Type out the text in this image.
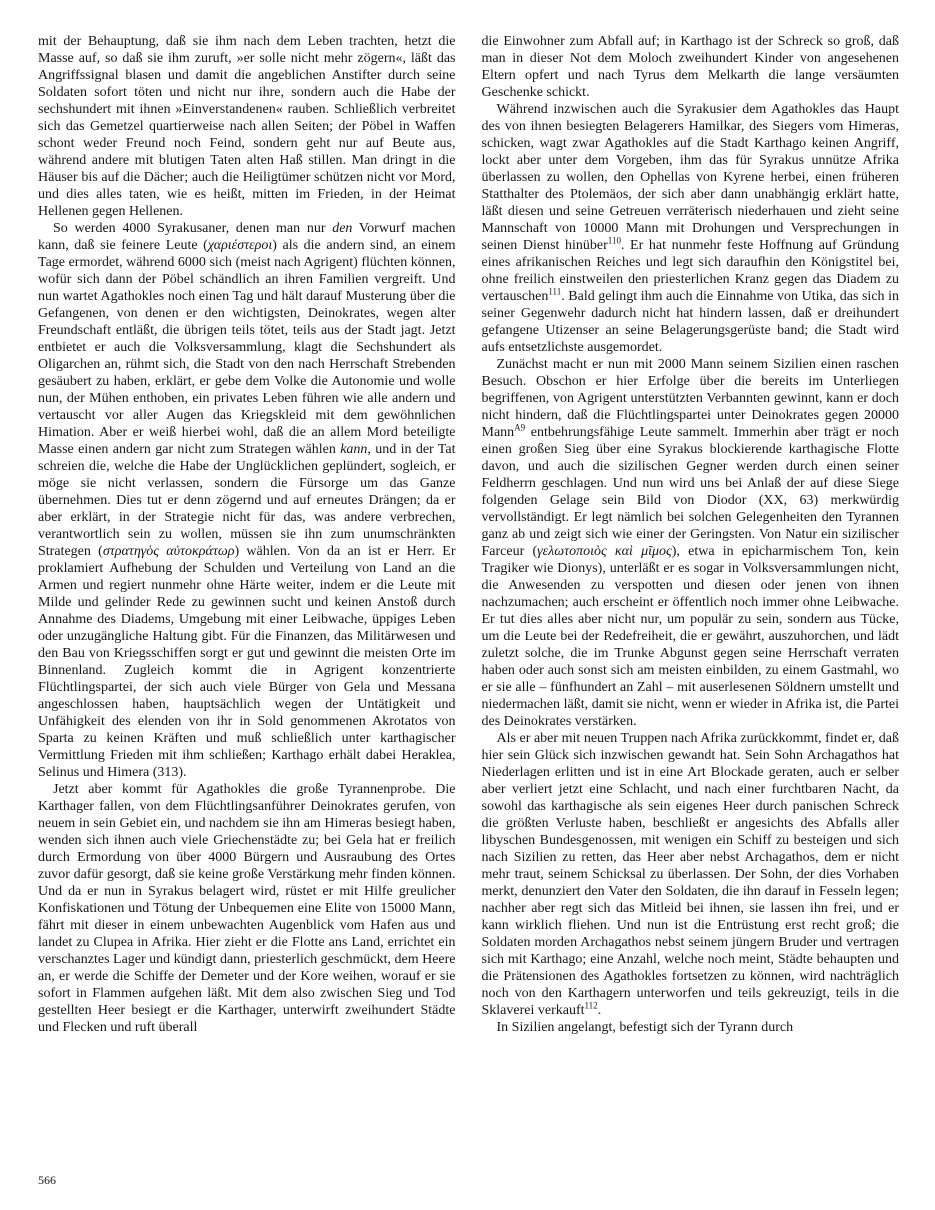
mit der Behauptung, daß sie ihm nach dem Leben trachten, hetzt die Masse auf, so daß sie ihm zuruft, »er solle nicht mehr zögern«, läßt das Angriffssignal blasen und damit die angeblichen Anstifter durch seine Soldaten sofort töten und nicht nur ihre, sondern auch die Habe der sechshundert mit ihnen »Einverstandenen« rauben. Schließlich verbreitet sich das Gemetzel quartierweise nach allen Seiten; der Pöbel in Waffen schont weder Freund noch Feind, sondern geht nur auf Beute aus, während andere mit blutigen Taten alten Haß stillen. Man dringt in die Häuser bis auf die Dächer; auch die Heiligtümer schützen nicht vor Mord, und dies alles taten, wie es heißt, mitten im Frieden, in der Heimat Hellenen gegen Hellenen.

So werden 4000 Syrakusaner, denen man nur den Vorwurf machen kann, daß sie feinere Leute (χαριέστεροι) als die andern sind, an einem Tage ermordet, während 6000 sich (meist nach Agrigent) flüchten können, wofür sich dann der Pöbel schändlich an ihren Familien vergreift. Und nun wartet Agathokles noch einen Tag und hält darauf Musterung über die Gefangenen, von denen er den wichtigsten, Deinokrates, wegen alter Freundschaft entläßt, die übrigen teils tötet, teils aus der Stadt jagt. Jetzt entbietet er auch die Volksversammlung, klagt die Sechshundert als Oligarchen an, rühmt sich, die Stadt von den nach Herrschaft Strebenden gesäubert zu haben, erklärt, er gebe dem Volke die Autonomie und wolle nun, der Mühen enthoben, ein privates Leben führen wie alle andern und vertauscht vor aller Augen das Kriegskleid mit dem gewöhnlichen Himation. Aber er weiß hierbei wohl, daß die an allem Mord beteiligte Masse einen andern gar nicht zum Strategen wählen kann, und in der Tat schreien die, welche die Habe der Unglücklichen geplündert, sogleich, er möge sie nicht verlassen, sondern die Fürsorge um das Ganze übernehmen. Dies tut er denn zögernd und auf erneutes Drängen; da er aber erklärt, in der Strategie nicht für das, was andere verbrechen, verantwortlich sein zu wollen, müssen sie ihn zum unumschränkten Strategen (στρατηγὸς αὐτοκράτωρ) wählen. Von da an ist er Herr. Er proklamiert Aufhebung der Schulden und Verteilung von Land an die Armen und regiert nunmehr ohne Härte weiter, indem er die Leute mit Milde und gelinder Rede zu gewinnen sucht und keinen Anstoß durch Annahme des Diadems, Umgebung mit einer Leibwache, üppiges Leben oder unzugängliche Haltung gibt. Für die Finanzen, das Militärwesen und den Bau von Kriegsschiffen sorgt er gut und gewinnt die meisten Orte im Binnenland. Zugleich kommt die in Agrigent konzentrierte Flüchtlingspartei, der sich auch viele Bürger von Gela und Messana angeschlossen haben, hauptsächlich wegen der Untätigkeit und Unfähigkeit des elenden von ihr in Sold genommenen Akrotatos von Sparta zu keinen Kräften und muß schließlich unter karthagischer Vermittlung Frieden mit ihm schließen; Karthago erhält dabei Heraklea, Selinus und Himera (313).

Jetzt aber kommt für Agathokles die große Tyrannenprobe. Die Karthager fallen, von dem Flüchtlingsanführer Deinokrates gerufen, von neuem in sein Gebiet ein, und nachdem sie ihn am Himeras besiegt haben, wenden sich ihnen auch viele Griechenstädte zu; bei Gela hat er freilich durch Ermordung von über 4000 Bürgern und Ausraubung des Ortes zuvor dafür gesorgt, daß sie keine große Verstärkung mehr finden können. Und da er nun in Syrakus belagert wird, rüstet er mit Hilfe greulicher Konfiskationen und Tötung der Unbequemen eine Elite von 15000 Mann, fährt mit dieser in einem unbewachten Augenblick vom Hafen aus und landet zu Clupea in Afrika. Hier zieht er die Flotte ans Land, errichtet ein verschanztes Lager und kündigt dann, priesterlich geschmückt, dem Heere an, er werde die Schiffe der Demeter und der Kore weihen, worauf er sie sofort in Flammen aufgehen läßt. Mit dem also zwischen Sieg und Tod gestellten Heer besiegt er die Karthager, unterwirft zweihundert Städte und Flecken und ruft überall

die Einwohner zum Abfall auf; in Karthago ist der Schreck so groß, daß man in dieser Not dem Moloch zweihundert Kinder von angesehenen Eltern opfert und nach Tyrus dem Melkarth die lange versäumten Geschenke schickt.

Während inzwischen auch die Syrakusier dem Agathokles das Haupt des von ihnen besiegten Belagerers Hamilkar, des Siegers vom Himeras, schicken, wagt zwar Agathokles auf die Stadt Karthago keinen Angriff, lockt aber unter dem Vorgeben, ihm das für Syrakus unnütze Afrika überlassen zu wollen, den Ophellas von Kyrene herbei, einen früheren Statthalter des Ptolemäos, der sich aber dann unabhängig erklärt hatte, läßt diesen und seine Getreuen verräterisch niederhauen und zieht seine Mannschaft von 10000 Mann mit Drohungen und Versprechungen in seinen Dienst hinüber$^{110}$. Er hat nunmehr feste Hoffnung auf Gründung eines afrikanischen Reiches und legt sich daraufhin den Königstitel bei, ohne freilich einstweilen den priesterlichen Kranz gegen das Diadem zu vertauschen$^{111}$. Bald gelingt ihm auch die Einnahme von Utika, das sich in seiner Gegenwehr dadurch nicht hat hindern lassen, daß er dreihundert gefangene Utizenser an seine Belagerungsgerüste band; die Stadt wird aufs entsetzlichste ausgemordet.

Zunächst macht er nun mit 2000 Mann seinem Sizilien einen raschen Besuch. Obschon er hier Erfolge über die bereits im Unterliegen begriffenen, von Agrigent unterstützten Verbannten gewinnt, kann er doch nicht hindern, daß die Flüchtlingspartei unter Deinokrates gegen 20000 Mann$^{A9}$ entbehrungsfähige Leute sammelt. Immerhin aber trägt er noch einen großen Sieg über eine Syrakus blockierende karthagische Flotte davon, und auch die sizilischen Gegner werden durch einen seiner Feldherrn geschlagen. Und nun wird uns bei Anlaß der auf diese Siege folgenden Gelage sein Bild von Diodor (XX, 63) merkwürdig vervollständigt. Er legt nämlich bei solchen Gelegenheiten den Tyrannen ganz ab und zeigt sich wie einer der Geringsten. Von Natur ein sizilischer Farceur (γελωτοποιὸς καὶ μῖμος), etwa in epicharmischem Ton, kein Tragiker wie Dionys), unterläßt er es sogar in Volksversammlungen nicht, die Anwesenden zu verspotten und diesen oder jenen von ihnen nachzumachen; auch erscheint er öffentlich noch immer ohne Leibwache. Er tut dies alles aber nicht nur, um populär zu sein, sondern aus Tücke, um die Leute bei der Redefreiheit, die er gewährt, auszuhorchen, und lädt zuletzt solche, die im Trunke Abgunst gegen seine Herrschaft verraten haben oder auch sonst sich am meisten einbilden, zu einem Gastmahl, wo er sie alle – fünfhundert an Zahl – mit auserlesenen Söldnern umstellt und niedermachen läßt, damit sie nicht, wenn er wieder in Afrika ist, die Partei des Deinokrates verstärken.

Als er aber mit neuen Truppen nach Afrika zurückkommt, findet er, daß hier sein Glück sich inzwischen gewandt hat. Sein Sohn Archagathos hat Niederlagen erlitten und ist in eine Art Blockade geraten, auch er selber aber verliert jetzt eine Schlacht, und nach einer furchtbaren Nacht, da sowohl das karthagische als sein eigenes Heer durch panischen Schreck die größten Verluste haben, beschließt er angesichts des Abfalls aller libyschen Bundesgenossen, mit wenigen ein Schiff zu besteigen und sich nach Sizilien zu retten, das Heer aber nebst Archagathos, dem er nicht mehr traut, seinem Schicksal zu überlassen. Der Sohn, der dies Vorhaben merkt, denunziert den Vater den Soldaten, die ihn darauf in Fesseln legen; nachher aber regt sich das Mitleid bei ihnen, sie lassen ihn frei, und er kann wirklich fliehen. Und nun ist die Entrüstung erst recht groß; die Soldaten morden Archagathos nebst seinem jüngern Bruder und vertragen sich mit Karthago; eine Anzahl, welche noch meint, Städte behaupten und die Prätensionen des Agathokles fortsetzen zu können, wird nachträglich noch von den Karthagern unterworfen und teils gekreuzigt, teils in die Sklaverei verkauft$^{112}$.

In Sizilien angelangt, befestigt sich der Tyrann durch

566
